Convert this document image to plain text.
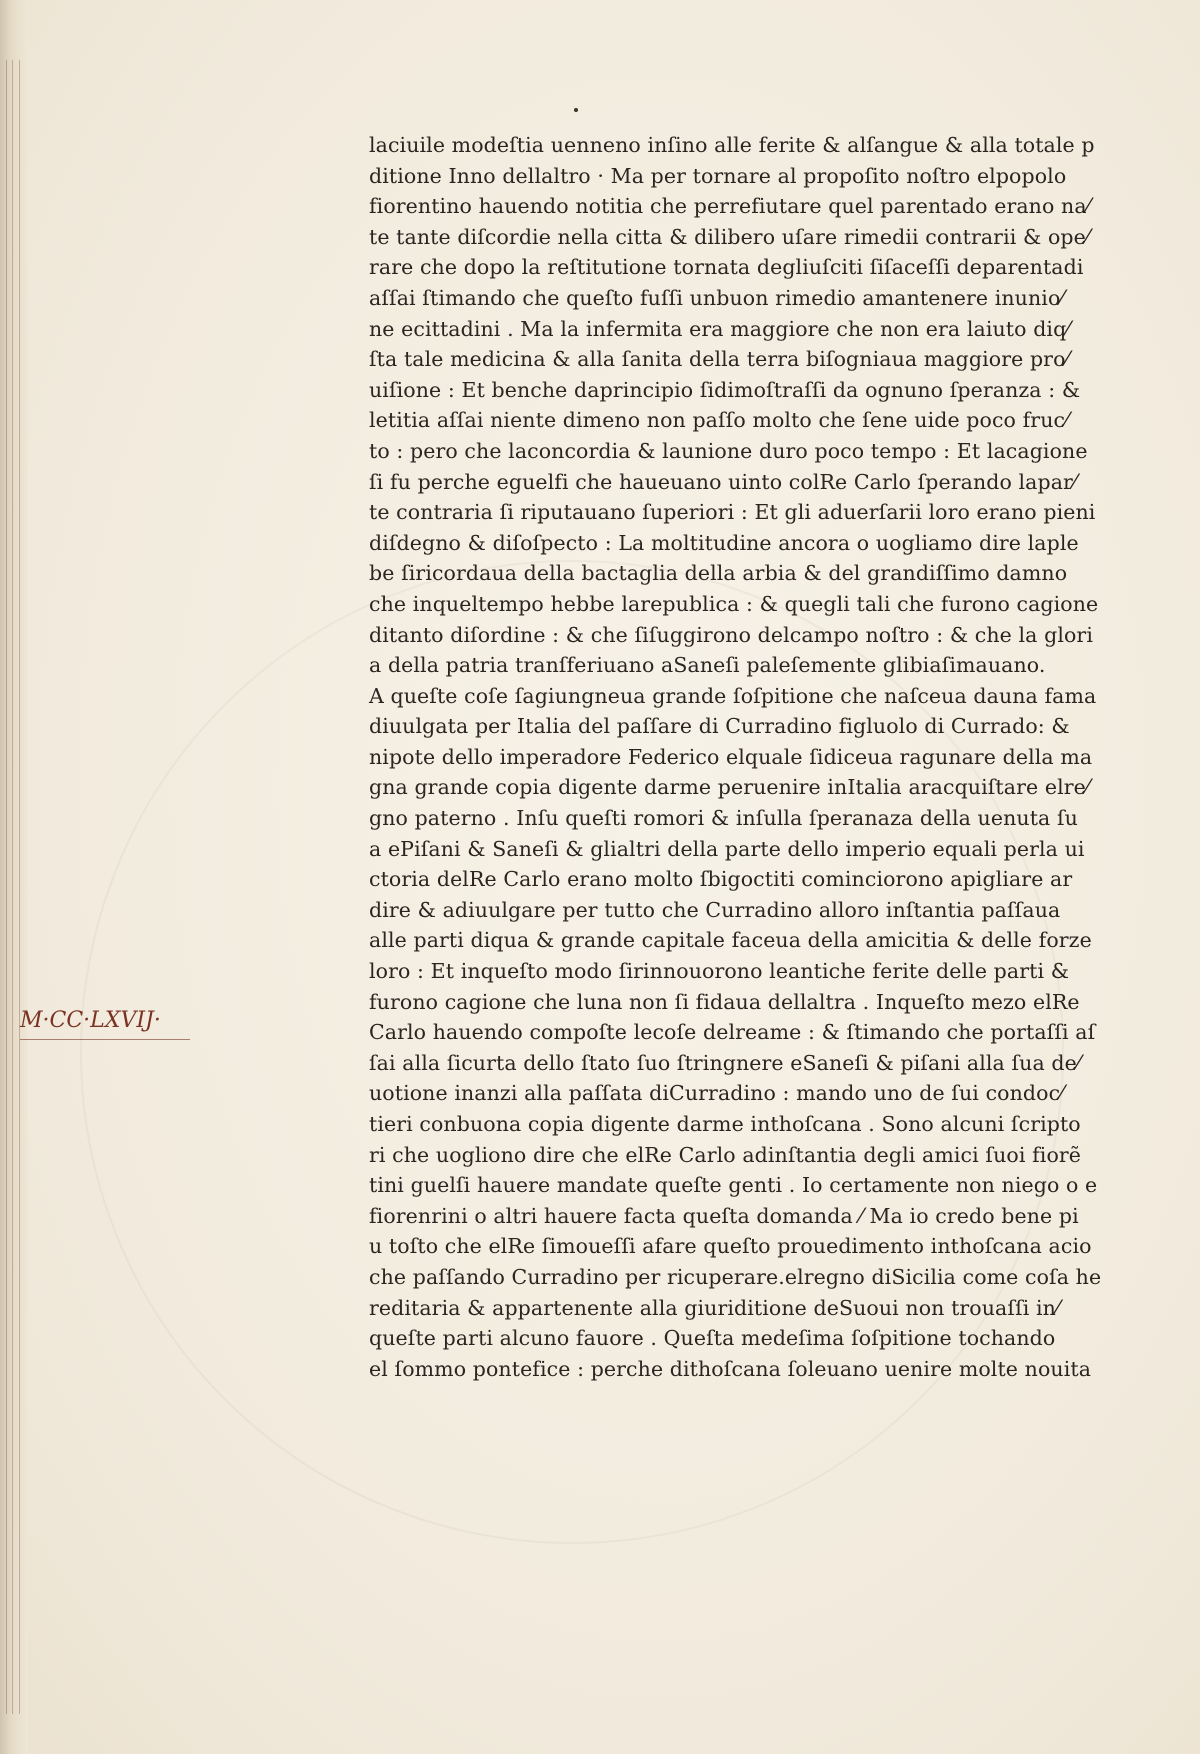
M·CC·LXVIJ·
laciuile modeſtia uenneno inſino alle ferite & alſangue & alla totale p
ditione Inno dellaltro · Ma per tornare al propoſito noſtro elpopolo
fiorentino hauendo notitia che perrefiutare quel parentado erano na⁄
te tante diſcordie nella citta & dilibero uſare rimedii contrarii & ope⁄
rare che dopo la reſtitutione tornata degliuſciti ſiſaceſſi deparentadi
aſſai ſtimando che queſto fuſſi unbuon rimedio amantenere inunio⁄
ne ecittadini . Ma la infermita era maggiore che non era laiuto diq⁄
ſta tale medicina & alla ſanita della terra biſogniaua maggiore pro⁄
uiſione : Et benche daprincipio ſidimoſtraſſi da ognuno ſperanza : &
letitia aſſai niente dimeno non paſſo molto che ſene uide poco fruc⁄
to : pero che laconcordia & launione duro poco tempo : Et lacagione
ſi fu perche eguelfi che haueuano uinto colRe Carlo ſperando lapar⁄
te contraria ſi riputauano ſuperiori : Et gli aduerſarii loro erano pieni
diſdegno & diſoſpecto : La moltitudine ancora o uogliamo dire laple
be ſiricordaua della bactaglia della arbia & del grandiſſimo damno
che inqueltempo hebbe larepublica : & quegli tali che furono cagione
ditanto diſordine : & che ſiſuggirono delcampo noſtro : & che la glori
a della patria tranſferiuano aSaneſi paleſemente glibiaſimauano.
A queſte coſe ſagiungneua grande ſoſpitione che naſceua dauna fama
diuulgata per Italia del paſſare di Curradino figluolo di Currado: &
nipote dello imperadore Federico elquale ſidiceua ragunare della ma
gna grande copia digente darme peruenire inItalia aracquiſtare elre⁄
gno paterno . Inſu queſti romori & inſulla ſperanaza della uenuta ſu
a ePiſani & Saneſi & glialtri della parte dello imperio equali perla ui
ctoria delRe Carlo erano molto ſbigoctiti cominciorono apigliare ar
dire & adiuulgare per tutto che Curradino alloro inſtantia paſſaua
alle parti diqua & grande capitale faceua della amicitia & delle forze
loro : Et inqueſto modo ſirinnouorono leantiche ferite delle parti &
furono cagione che luna non ſi fidaua dellaltra . Inqueſto mezo elRe
Carlo hauendo compoſte lecoſe delreame : & ſtimando che portaſſi aſ
ſai alla ſicurta dello ſtato ſuo ſtringnere eSaneſi & piſani alla ſua de⁄
uotione inanzi alla paſſata diCurradino : mando uno de ſui condoc⁄
tieri conbuona copia digente darme inthoſcana . Sono alcuni ſcripto
ri che uogliono dire che elRe Carlo adinſtantia degli amici ſuoi fiorẽ
tini guelſi hauere mandate queſte genti . Io certamente non niego o e
fiorenrini o altri hauere facta queſta domanda ⁄ Ma io credo bene pi
u toſto che elRe ſimoueſſi afare queſto prouedimento inthoſcana acio
che paſſando Curradino per ricuperare.elregno diSicilia come coſa he
reditaria & appartenente alla giuriditione deSuoui non trouaſſi in⁄
queſte parti alcuno fauore . Queſta medeſima ſoſpitione tochando
el ſommo pontefice : perche dithoſcana ſoleuano uenire molte nouita
